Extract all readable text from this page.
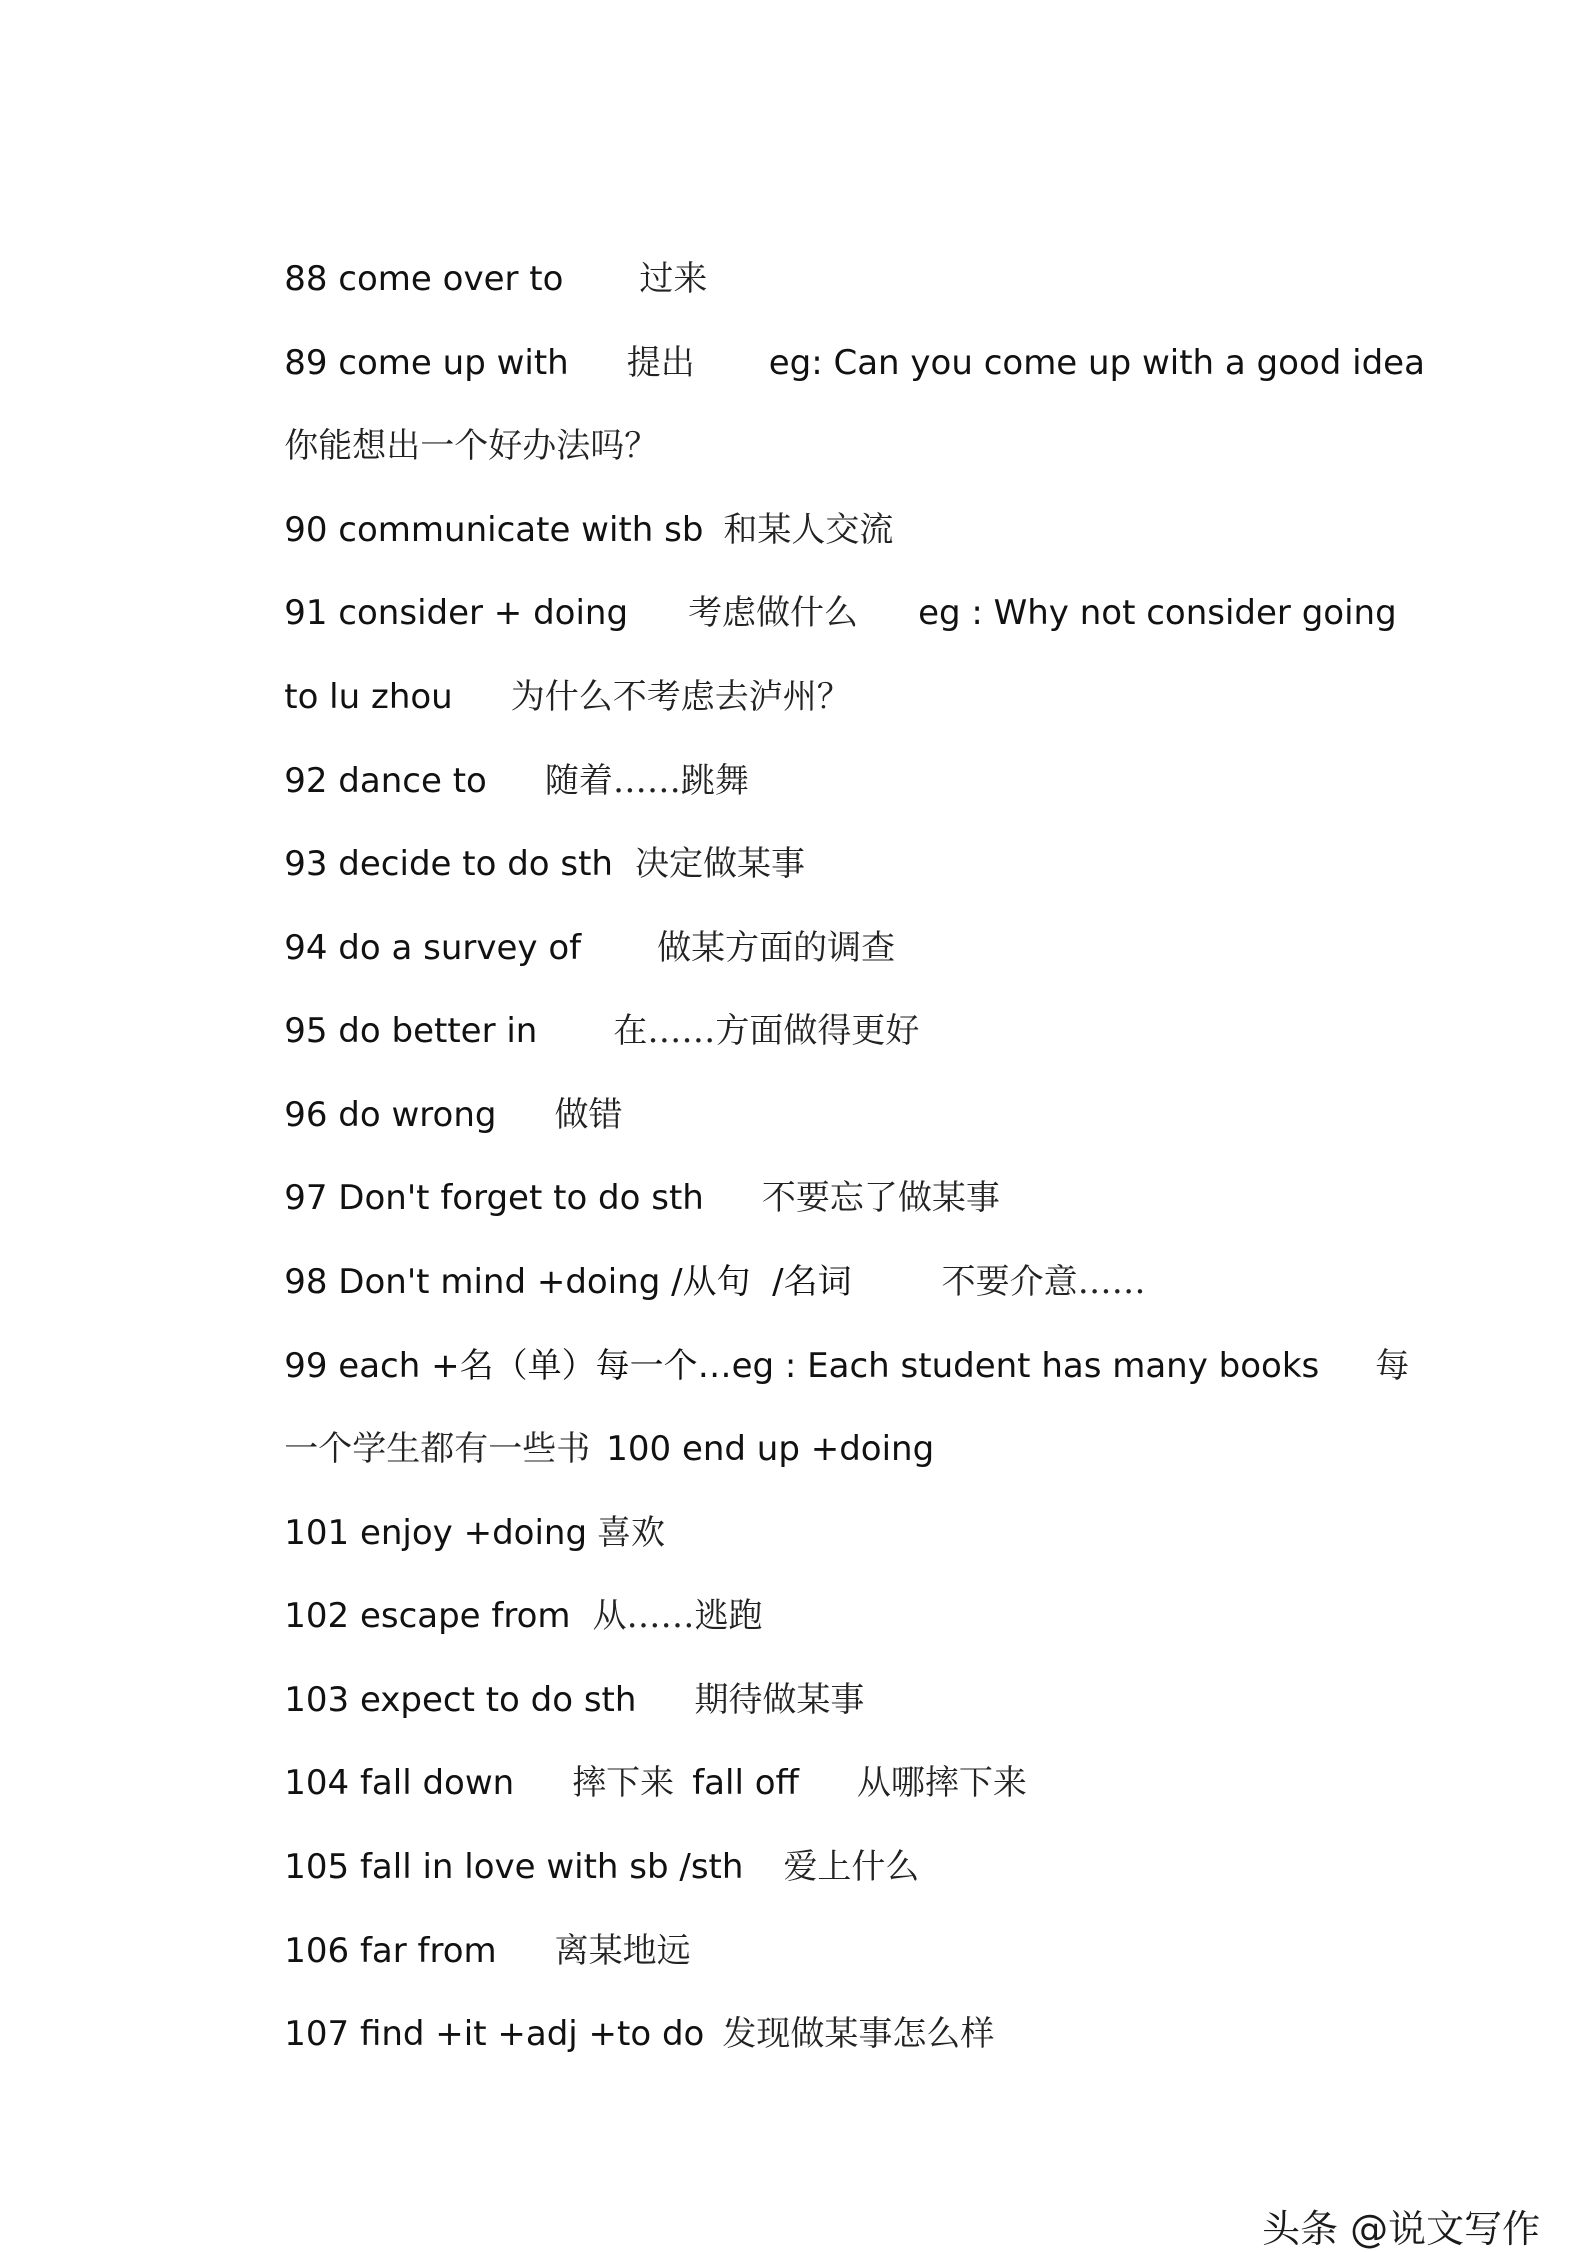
88 come over to 过来

89 come up with 提出 eg: Can you come up with a good idea

你能想出一个好办法吗？

90 communicate with sb 和某人交流

91 consider + doing 考虑做什么 eg : Why not consider going

to lu zhou 为什么不考虑去泸州？

92 dance to 随着……跳舞

93 decide to do sth 决定做某事

94 do a survey of 做某方面的调查

95 do better in 在……方面做得更好

96 do wrong 做错

97 Don't forget to do sth 不要忘了做某事

98 Don't mind +doing /从句  /名词	不要介意……

99 each +名（单）每一个…eg : Each student has many books 每

一个学生都有一些书 100 end up +doing

101 enjoy +doing 喜欢

102 escape from 从……逃跑

103 expect to do sth 期待做某事

104 fall down 摔下来 fall off 从哪摔下来

105 fall in love with sb /sth 爱上什么

106 far from 离某地远

107 find +it +adj +to do 发现做某事怎么样

头条 @说文写作
